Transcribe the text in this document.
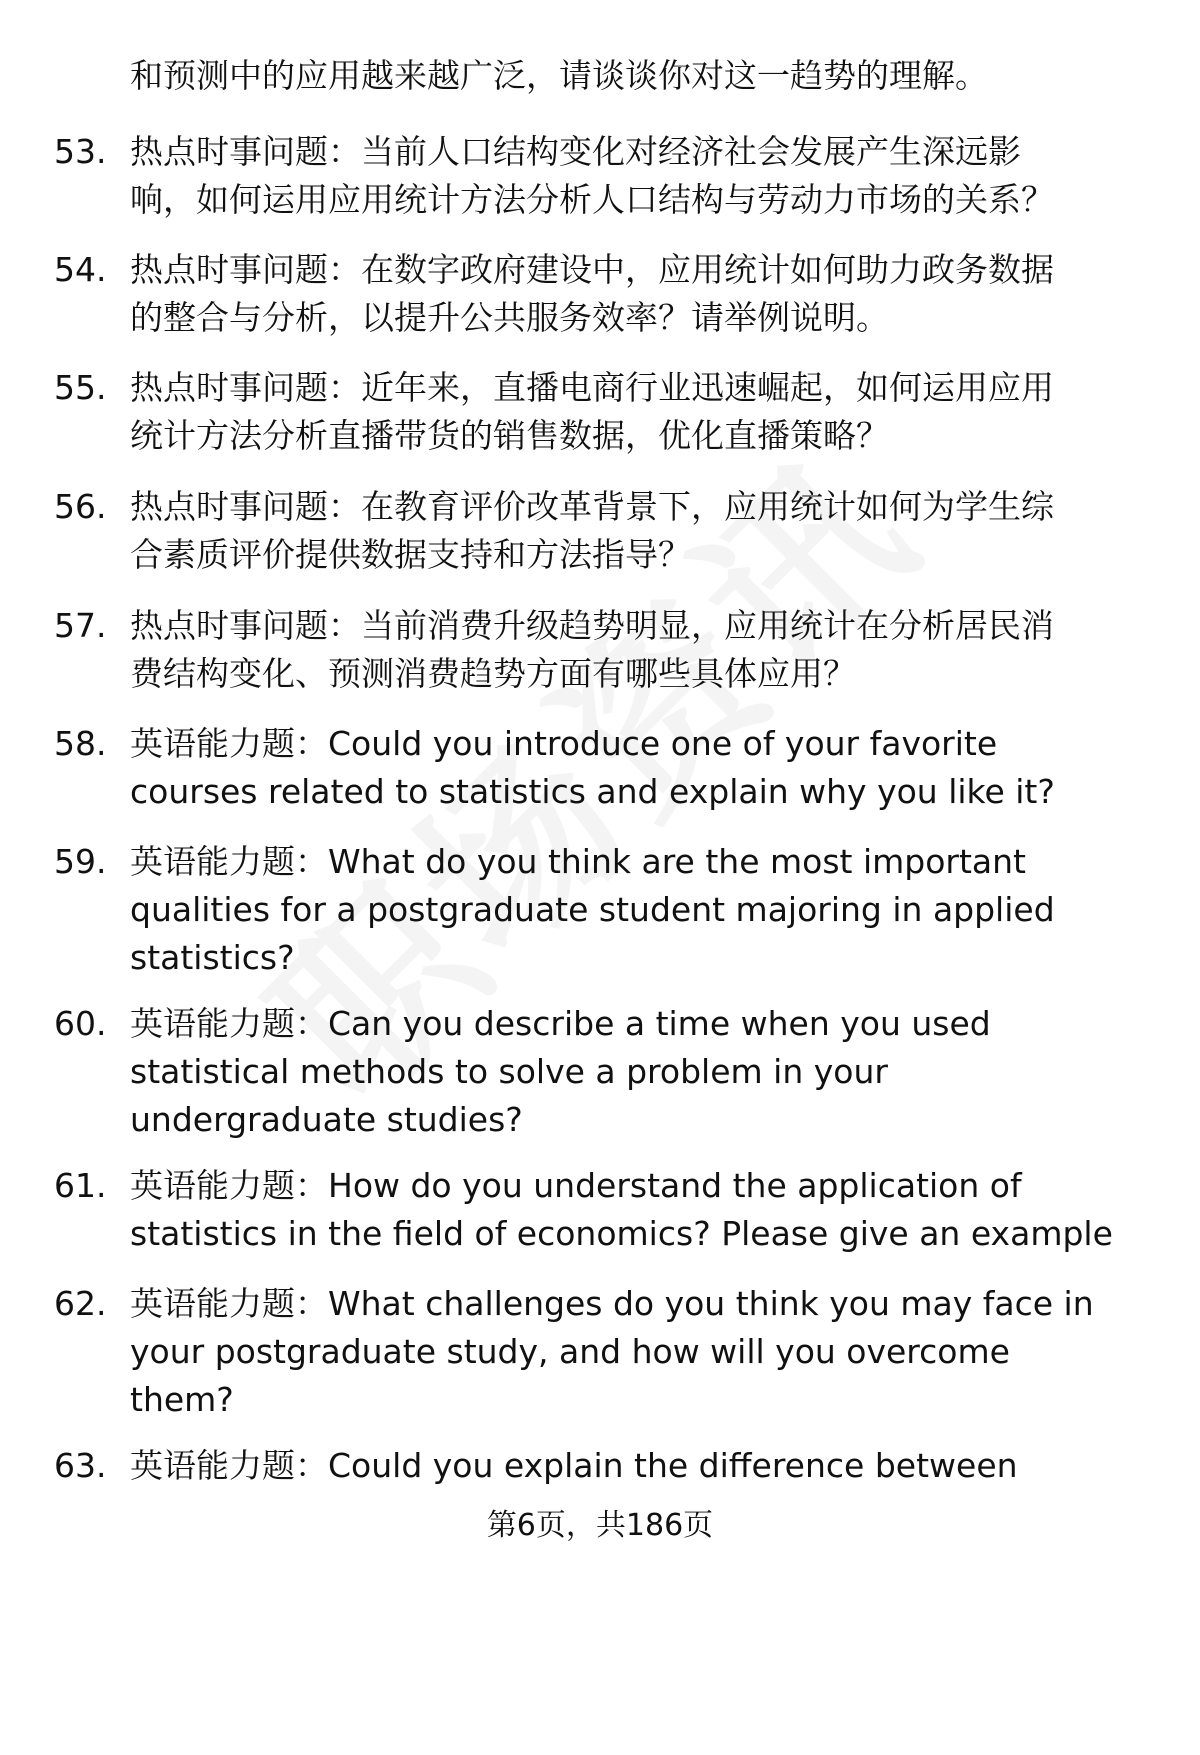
和预测中的应用越来越广泛，请谈谈你对这一趋势的理解。
53. 热点时事问题：当前人口结构变化对经济社会发展产生深远影
响，如何运用应用统计方法分析人口结构与劳动力市场的关系？
54. 热点时事问题：在数字政府建设中，应用统计如何助力政务数据
的整合与分析，以提升公共服务效率？请举例说明。
55. 热点时事问题：近年来，直播电商行业迅速崛起，如何运用应用
统计方法分析直播带货的销售数据，优化直播策略？
56. 热点时事问题：在教育评价改革背景下，应用统计如何为学生综
合素质评价提供数据支持和方法指导？
57. 热点时事问题：当前消费升级趋势明显，应用统计在分析居民消
费结构变化、预测消费趋势方面有哪些具体应用？
58. 英语能力题：Could you introduce one of your favorite
courses related to statistics and explain why you like it?
59. 英语能力题：What do you think are the most important
qualities for a postgraduate student majoring in applied
statistics?
60. 英语能力题：Can you describe a time when you used
statistical methods to solve a problem in your
undergraduate studies?
61. 英语能力题：How do you understand the application of
statistics in the field of economics? Please give an example
62. 英语能力题：What challenges do you think you may face in
your postgraduate study, and how will you overcome
them?
63. 英语能力题：Could you explain the difference between
第6页，共186页
